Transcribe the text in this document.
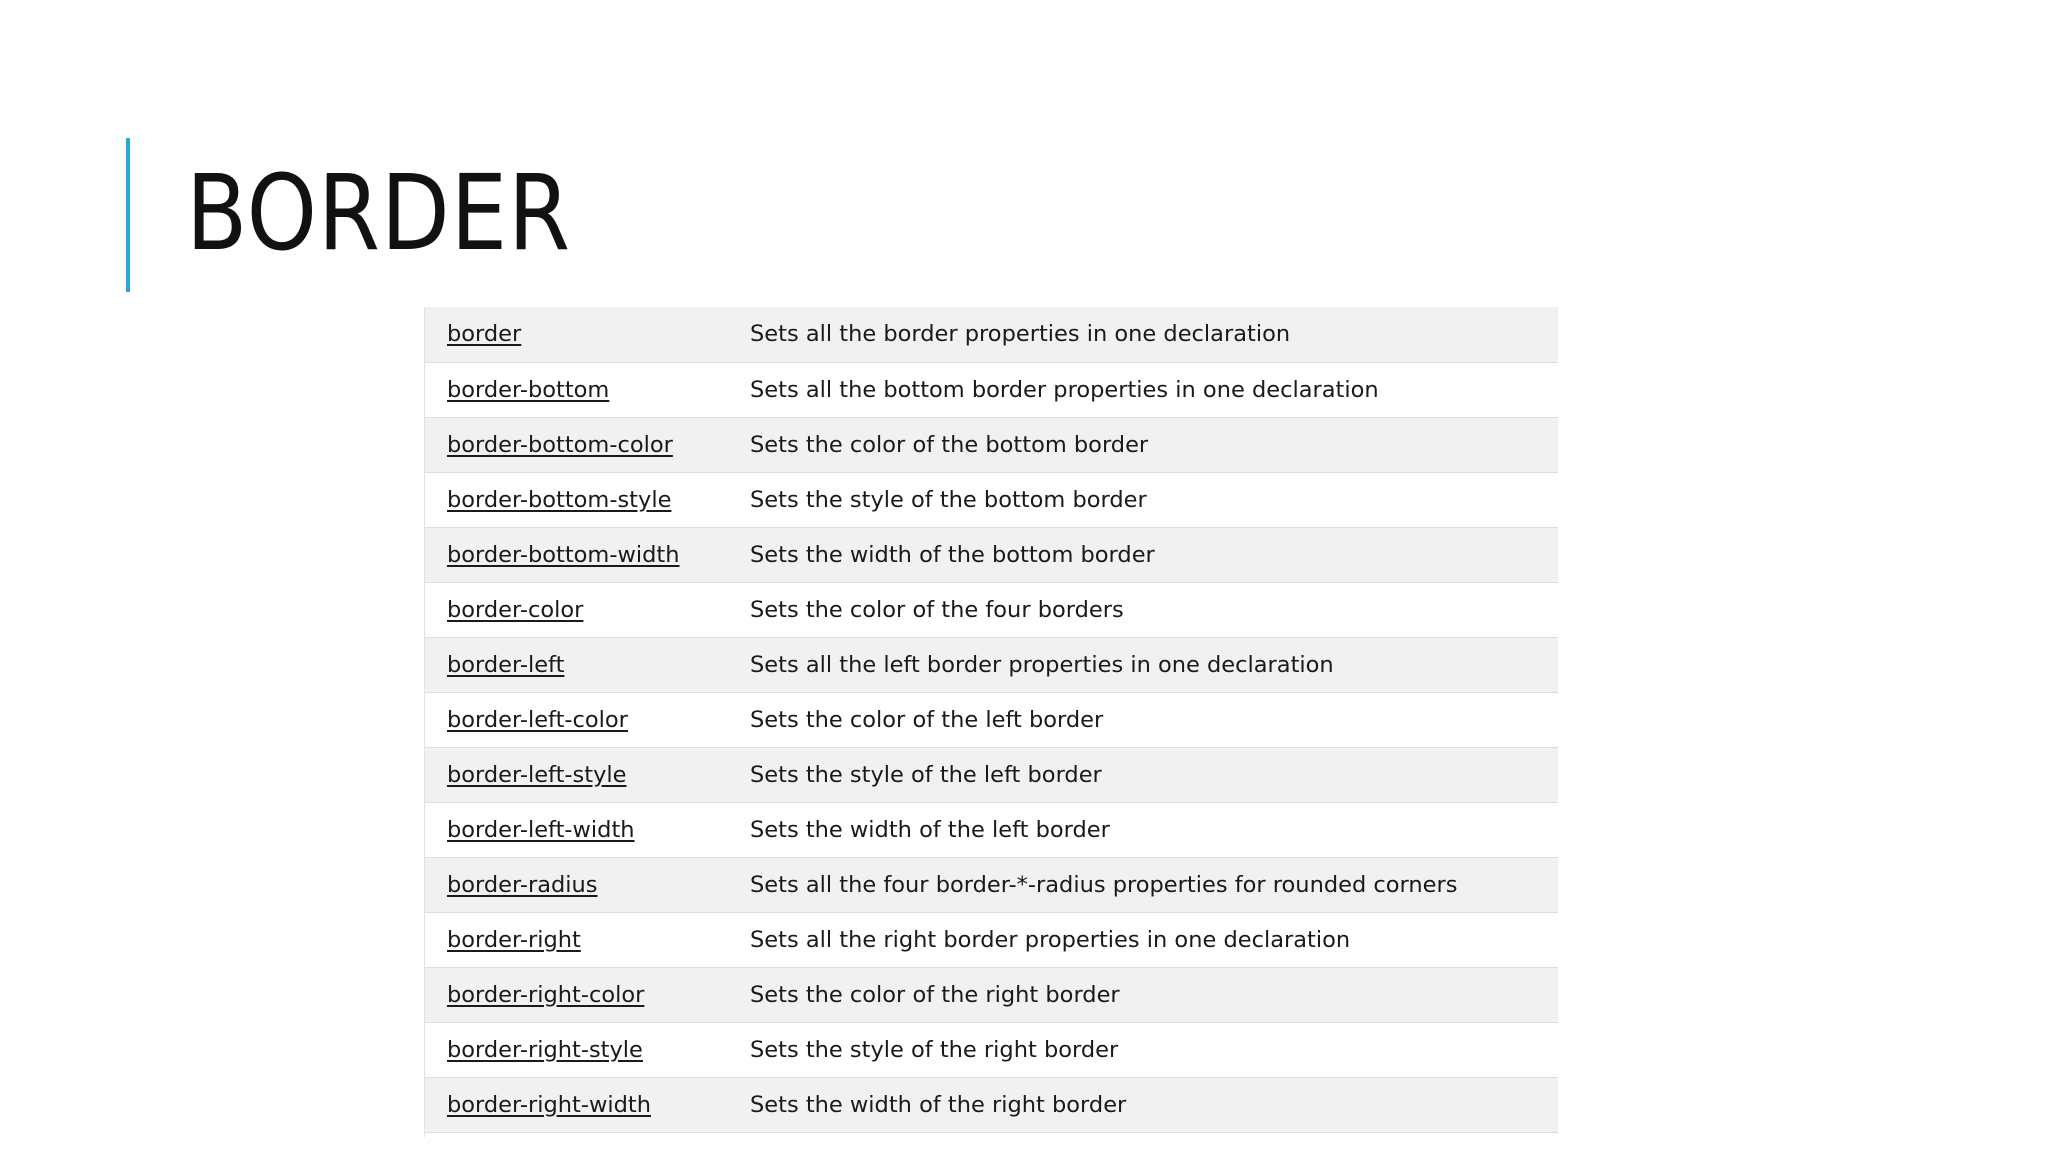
BORDER
border	Sets all the border properties in one declaration
border-bottom	Sets all the bottom border properties in one declaration
border-bottom-color	Sets the color of the bottom border
border-bottom-style	Sets the style of the bottom border
border-bottom-width	Sets the width of the bottom border
border-color	Sets the color of the four borders
border-left	Sets all the left border properties in one declaration
border-left-color	Sets the color of the left border
border-left-style	Sets the style of the left border
border-left-width	Sets the width of the left border
border-radius	Sets all the four border-*-radius properties for rounded corners
border-right	Sets all the right border properties in one declaration
border-right-color	Sets the color of the right border
border-right-style	Sets the style of the right border
border-right-width	Sets the width of the right border
